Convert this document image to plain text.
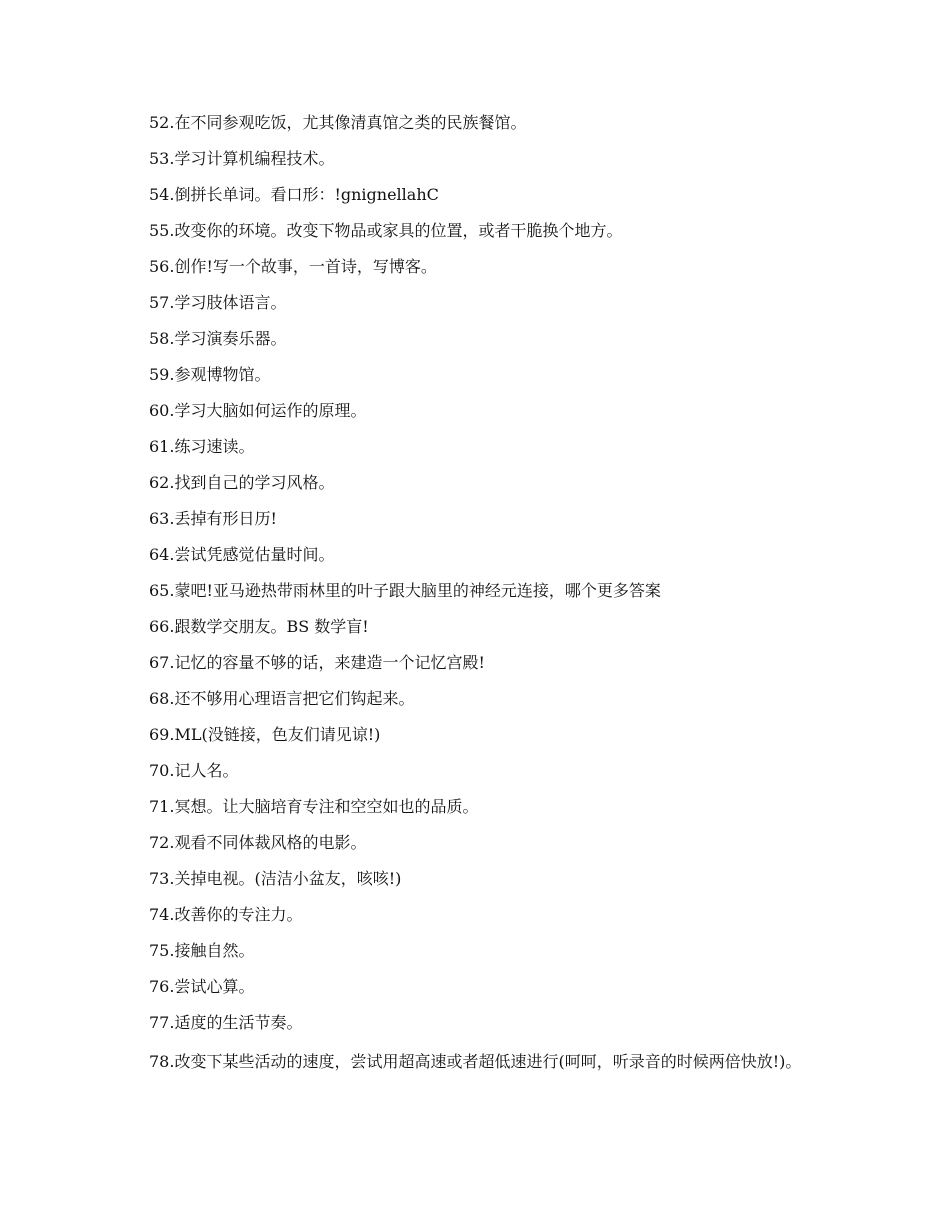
52.在不同参观吃饭，尤其像清真馆之类的民族餐馆。

53.学习计算机编程技术。

54.倒拼长单词。看口形：!gnignellahC

55.改变你的环境。改变下物品或家具的位置，或者干脆换个地方。

56.创作!写一个故事，一首诗，写博客。

57.学习肢体语言。

58.学习演奏乐器。

59.参观博物馆。

60.学习大脑如何运作的原理。

61.练习速读。

62.找到自己的学习风格。

63.丢掉有形日历!

64.尝试凭感觉估量时间。

65.蒙吧!亚马逊热带雨林里的叶子跟大脑里的神经元连接，哪个更多答案

66.跟数学交朋友。BS 数学盲!

67.记忆的容量不够的话，来建造一个记忆宫殿!

68.还不够用心理语言把它们钩起来。

69.ML(没链接，色友们请见谅!)

70.记人名。

71.冥想。让大脑培育专注和空空如也的品质。

72.观看不同体裁风格的电影。

73.关掉电视。(洁洁小盆友，咳咳!)

74.改善你的专注力。

75.接触自然。

76.尝试心算。

77.适度的生活节奏。

78.改变下某些活动的速度，尝试用超高速或者超低速进行(呵呵，听录音的时候两倍快放!)。
